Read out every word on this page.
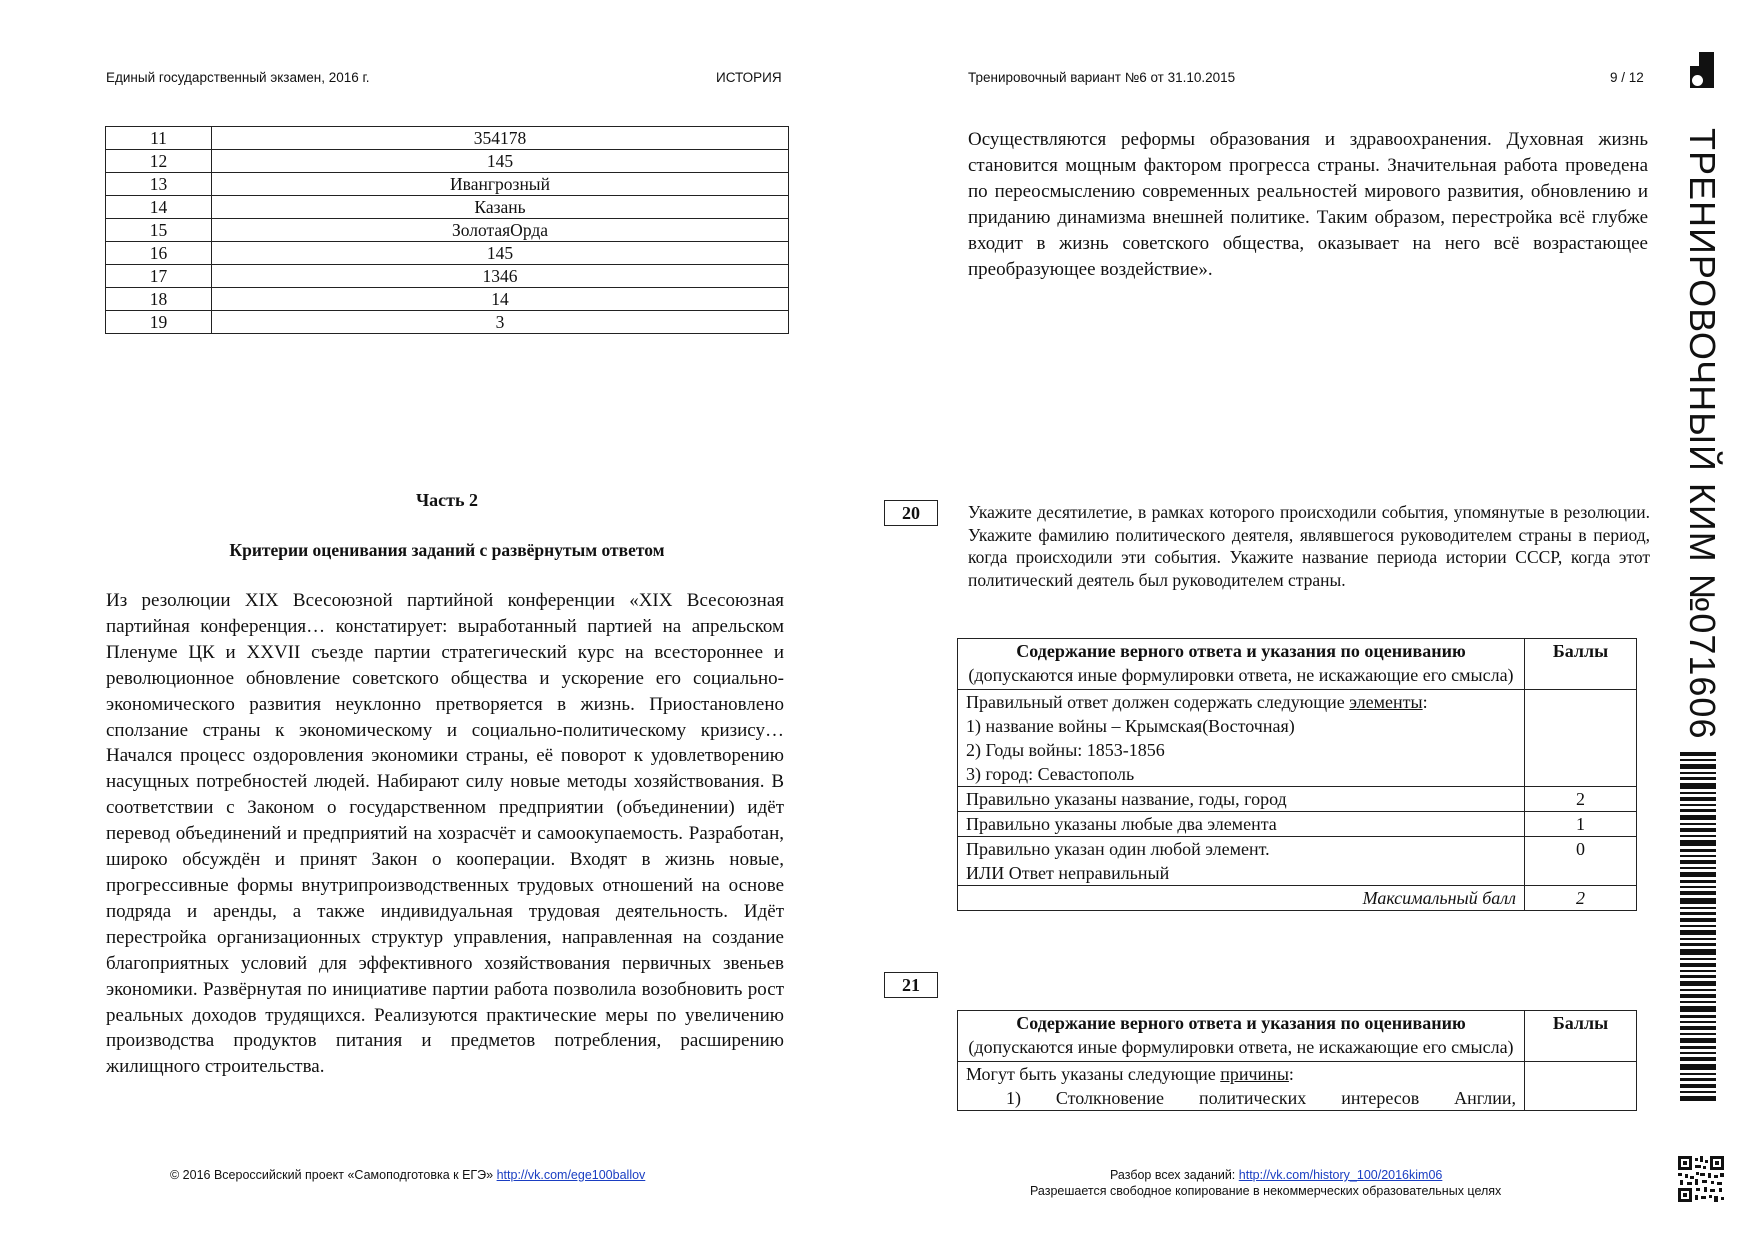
Единый государственный экзамен, 2016 г.	ИСТОРИЯ	Тренировочный вариант №6 от 31.10.2015	9 / 12
ТРЕНИРОВОЧНЫЙ КИМ №071606
11	354178
12	145
13	Ивангрозный
14	Казань
15	ЗолотаяОрда
16	145
17	1346
18	14
19	3
Часть 2
Критерии оценивания заданий с развёрнутым ответом
Из резолюции XIX Всесоюзной партийной конференции «XIX Всесоюзная партийная конференция… констатирует: выработанный партией на апрельском Пленуме ЦК и XXVII съезде партии стратегический курс на всестороннее и революционное обновление советского общества и ускорение его социально-экономического развития неуклонно претворяется в жизнь. Приостановлено сползание страны к экономическому и социально-политическому кризису… Начался процесс оздоровления экономики страны, её поворот к удовлетворению насущных потребностей людей. Набирают силу новые методы хозяйствования. В соответствии с Законом о государственном предприятии (объединении) идёт перевод объединений и предприятий на хозрасчёт и самоокупаемость. Разработан, широко обсуждён и принят Закон о кооперации. Входят в жизнь новые, прогрессивные формы внутрипроизводственных трудовых отношений на основе подряда и аренды, а также индивидуальная трудовая деятельность. Идёт перестройка организационных структур управления, направленная на создание благоприятных условий для эффективного хозяйствования первичных звеньев экономики. Развёрнутая по инициативе партии работа позволила возобновить рост реальных доходов трудящихся. Реализуются практические меры по увеличению производства продуктов питания и предметов потребления, расширению жилищного строительства.
Осуществляются реформы образования и здравоохранения. Духовная жизнь становится мощным фактором прогресса страны. Значительная работа проведена по переосмыслению современных реальностей мирового развития, обновлению и приданию динамизма внешней политике. Таким образом, перестройка всё глубже входит в жизнь советского общества, оказывает на него всё возрастающее преобразующее воздействие».
20	Укажите десятилетие, в рамках которого происходили события, упомянутые в резолюции. Укажите фамилию политического деятеля, являвшегося руководителем страны в период, когда происходили эти события. Укажите название периода истории СССР, когда этот политический деятель был руководителем страны.
Содержание верного ответа и указания по оцениванию
(допускаются иные формулировки ответа, не искажающие его смысла)	Баллы
Правильный ответ должен содержать следующие элементы:
1) название войны – Крымская(Восточная)
2) Годы войны: 1853-1856
3) город: Севастополь	
Правильно указаны название, годы, город	2
Правильно указаны любые два элемента	1
Правильно указан один любой элемент.
ИЛИ Ответ неправильный	0
Максимальный балл	2
21
Содержание верного ответа и указания по оцениванию
(допускаются иные формулировки ответа, не искажающие его смысла)	Баллы
Могут быть указаны следующие причины:

1) Столкновение политических интересов Англии,	

© 2016 Всероссийский проект «Самоподготовка к ЕГЭ» http://vk.com/ege100ballov	Разбор всех заданий: http://vk.com/history_100/2016kim06
Разрешается свободное копирование в некоммерческих образовательных целях
